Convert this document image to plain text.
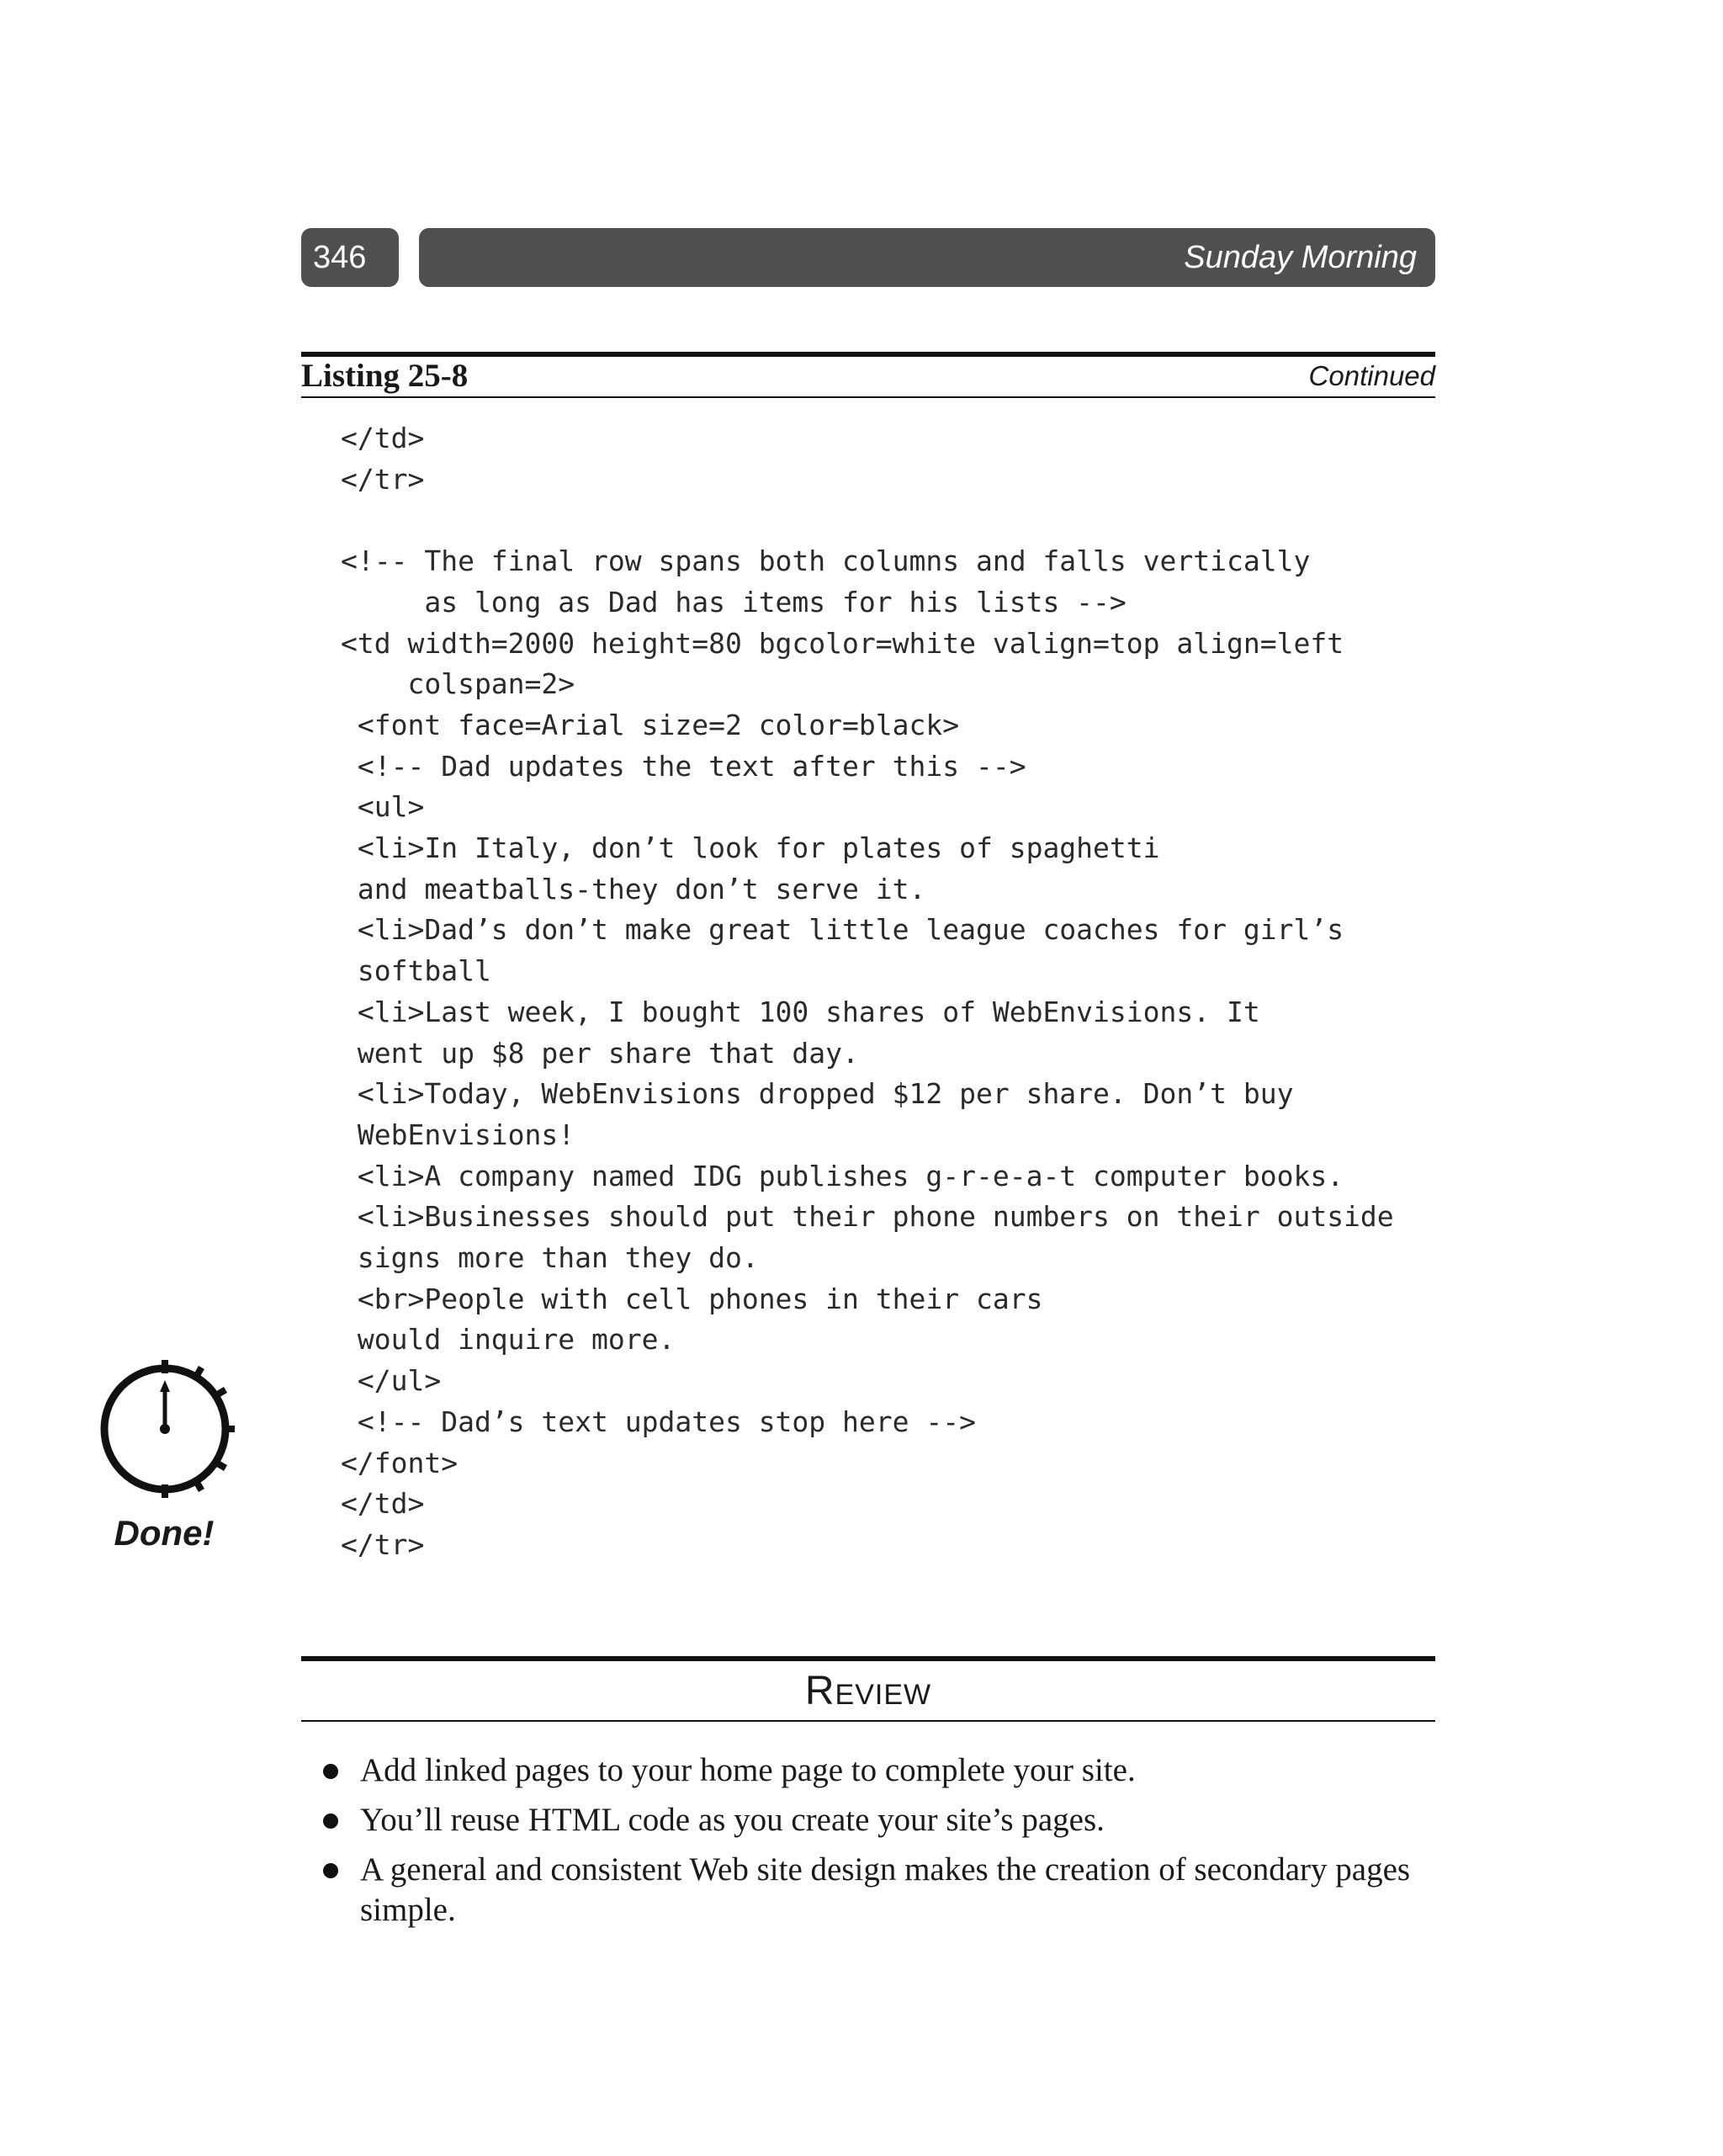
346	Sunday Morning
Listing 25-8	Continued
</td>
</tr>

<!-- The final row spans both columns and falls vertically
as long as Dad has items for his lists -->
<td width=2000 height=80 bgcolor=white valign=top align=left
colspan=2>
<font face=Arial size=2 color=black>
<!-- Dad updates the text after this -->
<ul>
<li>In Italy, don’t look for plates of spaghetti
and meatballs-they don’t serve it.
<li>Dad’s don’t make great little league coaches for girl’s
softball
<li>Last week, I bought 100 shares of WebEnvisions. It
went up $8 per share that day.
<li>Today, WebEnvisions dropped $12 per share. Don’t buy
WebEnvisions!
<li>A company named IDG publishes g-r-e-a-t computer books.
<li>Businesses should put their phone numbers on their outside
signs more than they do.
<br>People with cell phones in their cars
would inquire more.
</ul>
<!-- Dad’s text updates stop here -->
</font>
</td>
</tr>
Done!
Review
Add linked pages to your home page to complete your site.
You’ll reuse HTML code as you create your site’s pages.
A general and consistent Web site design makes the creation of secondary pages simple.
